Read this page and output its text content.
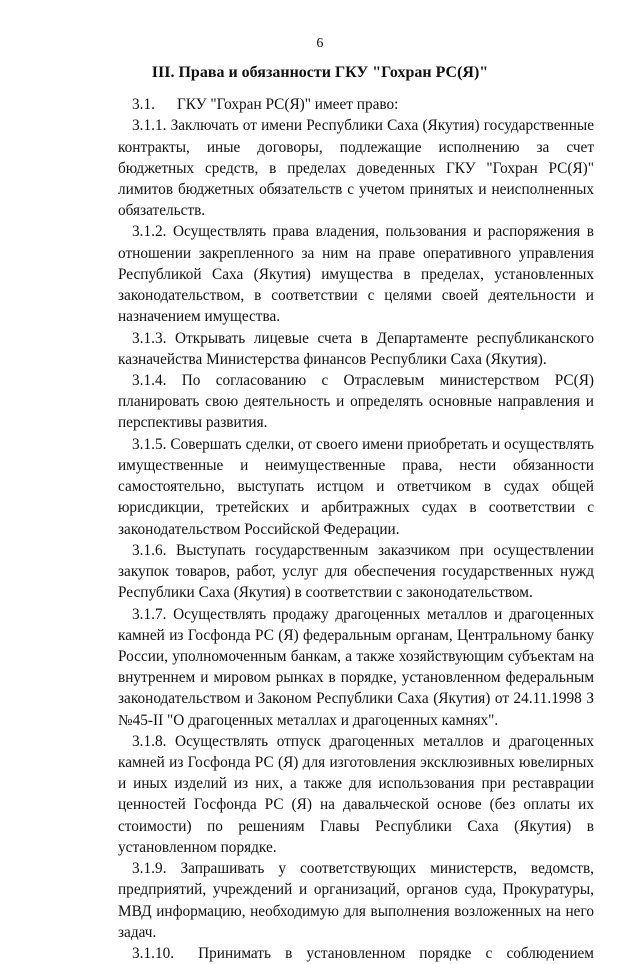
6
III. Права и обязанности ГКУ "Гохран РС(Я)"

3.1. ГКУ "Гохран РС(Я)" имеет право:

3.1.1. Заключать от имени Республики Саха (Якутия) государственные контракты, иные договоры, подлежащие исполнению за счет бюджетных средств, в пределах доведенных ГКУ "Гохран РС(Я)" лимитов бюджетных обязательств с учетом принятых и неисполненных обязательств.

3.1.2. Осуществлять права владения, пользования и распоряжения в отношении закрепленного за ним на праве оперативного управления Республикой Саха (Якутия) имущества в пределах, установленных законодательством, в соответствии с целями своей деятельности и назначением имущества.

3.1.3. Открывать лицевые счета в Департаменте республиканского казначейства Министерства финансов Республики Саха (Якутия).

3.1.4. По согласованию с Отраслевым министерством РС(Я) планировать свою деятельность и определять основные направления и перспективы развития.

3.1.5. Совершать сделки, от своего имени приобретать и осуществлять имущественные и неимущественные права, нести обязанности самостоятельно, выступать истцом и ответчиком в судах общей юрисдикции, третейских и арбитражных судах в соответствии с законодательством Российской Федерации.

3.1.6. Выступать государственным заказчиком при осуществлении закупок товаров, работ, услуг для обеспечения государственных нужд Республики Саха (Якутия) в соответствии с законодательством.

3.1.7. Осуществлять продажу драгоценных металлов и драгоценных камней из Госфонда РС (Я) федеральным органам, Центральному банку России, уполномоченным банкам, а также хозяйствующим субъектам на внутреннем и мировом рынках в порядке, установленном федеральным законодательством и Законом Республики Саха (Якутия) от 24.11.1998 З №45-II "О драгоценных металлах и драгоценных камнях".

3.1.8. Осуществлять отпуск драгоценных металлов и драгоценных камней из Госфонда РС (Я) для изготовления эксклюзивных ювелирных и иных изделий из них, а также для использования при реставрации ценностей Госфонда РС (Я) на давальческой основе (без оплаты их стоимости) по решениям Главы Республики Саха (Якутия) в установленном порядке.

3.1.9. Запрашивать у соответствующих министерств, ведомств, предприятий, учреждений и организаций, органов суда, Прокуратуры, МВД информацию, необходимую для выполнения возложенных на него задач.

3.1.10. Принимать в установленном порядке с соблюдением
